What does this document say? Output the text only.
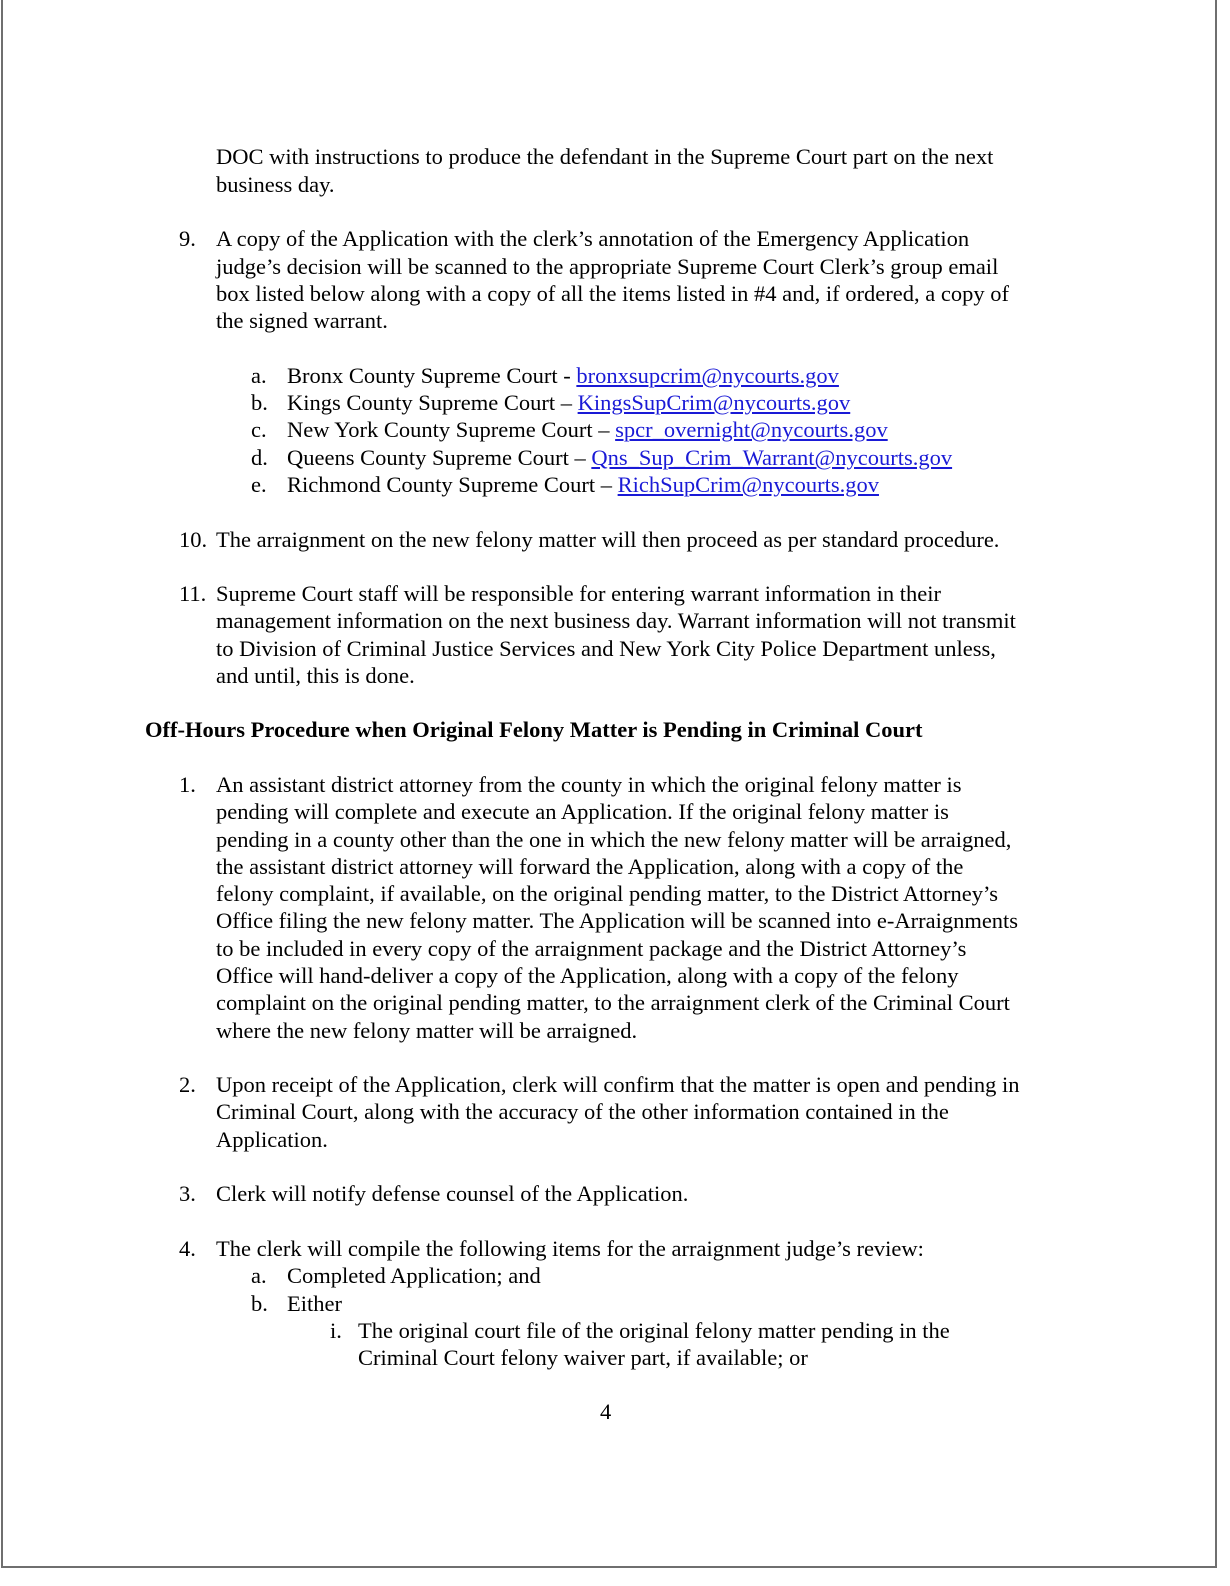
DOC with instructions to produce the defendant in the Supreme Court part on the next
business day.
9. A copy of the Application with the clerk’s annotation of the Emergency Application
judge’s decision will be scanned to the appropriate Supreme Court Clerk’s group email
box listed below along with a copy of all the items listed in #4 and, if ordered, a copy of
the signed warrant.
a. Bronx County Supreme Court - bronxsupcrim@nycourts.gov
b. Kings County Supreme Court – KingsSupCrim@nycourts.gov
c. New York County Supreme Court – spcr_overnight@nycourts.gov
d. Queens County Supreme Court – Qns_Sup_Crim_Warrant@nycourts.gov
e. Richmond County Supreme Court – RichSupCrim@nycourts.gov
10. The arraignment on the new felony matter will then proceed as per standard procedure.
11. Supreme Court staff will be responsible for entering warrant information in their
management information on the next business day. Warrant information will not transmit
to Division of Criminal Justice Services and New York City Police Department unless,
and until, this is done.
Off-Hours Procedure when Original Felony Matter is Pending in Criminal Court
1. An assistant district attorney from the county in which the original felony matter is
pending will complete and execute an Application. If the original felony matter is
pending in a county other than the one in which the new felony matter will be arraigned,
the assistant district attorney will forward the Application, along with a copy of the
felony complaint, if available, on the original pending matter, to the District Attorney’s
Office filing the new felony matter. The Application will be scanned into e-Arraignments
to be included in every copy of the arraignment package and the District Attorney’s
Office will hand-deliver a copy of the Application, along with a copy of the felony
complaint on the original pending matter, to the arraignment clerk of the Criminal Court
where the new felony matter will be arraigned.
2. Upon receipt of the Application, clerk will confirm that the matter is open and pending in
Criminal Court, along with the accuracy of the other information contained in the
Application.
3. Clerk will notify defense counsel of the Application.
4. The clerk will compile the following items for the arraignment judge’s review:
a. Completed Application; and
b. Either
i. The original court file of the original felony matter pending in the
Criminal Court felony waiver part, if available; or
4
